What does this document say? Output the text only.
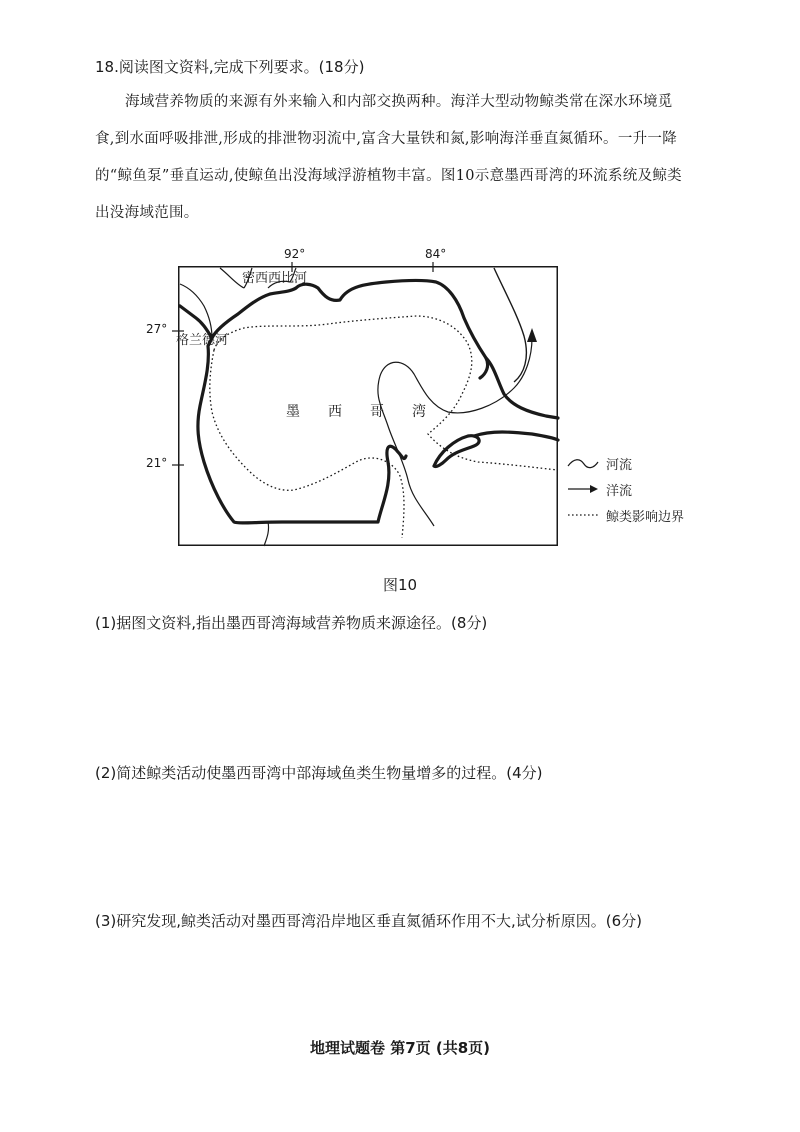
18.阅读图文资料,完成下列要求。(18分)
海域营养物质的来源有外来输入和内部交换两种。海洋大型动物鲸类常在深水环境觅
食,到水面呼吸排泄,形成的排泄物羽流中,富含大量铁和氮,影响海洋垂直氮循环。一升一降
的“鲸鱼泵”垂直运动,使鲸鱼出没海域浮游植物丰富。图10示意墨西哥湾的环流系统及鲸类
出没海域范围。
92°	84°
密西西比河
格兰德河
墨 西 哥 湾
27°
21°	河流
洋流
鲸类影响边界
图10
(1)据图文资料,指出墨西哥湾海域营养物质来源途径。(8分)
(2)简述鲸类活动使墨西哥湾中部海域鱼类生物量增多的过程。(4分)
(3)研究发现,鲸类活动对墨西哥湾沿岸地区垂直氮循环作用不大,试分析原因。(6分)
地理试题卷 第7页 (共8页)
